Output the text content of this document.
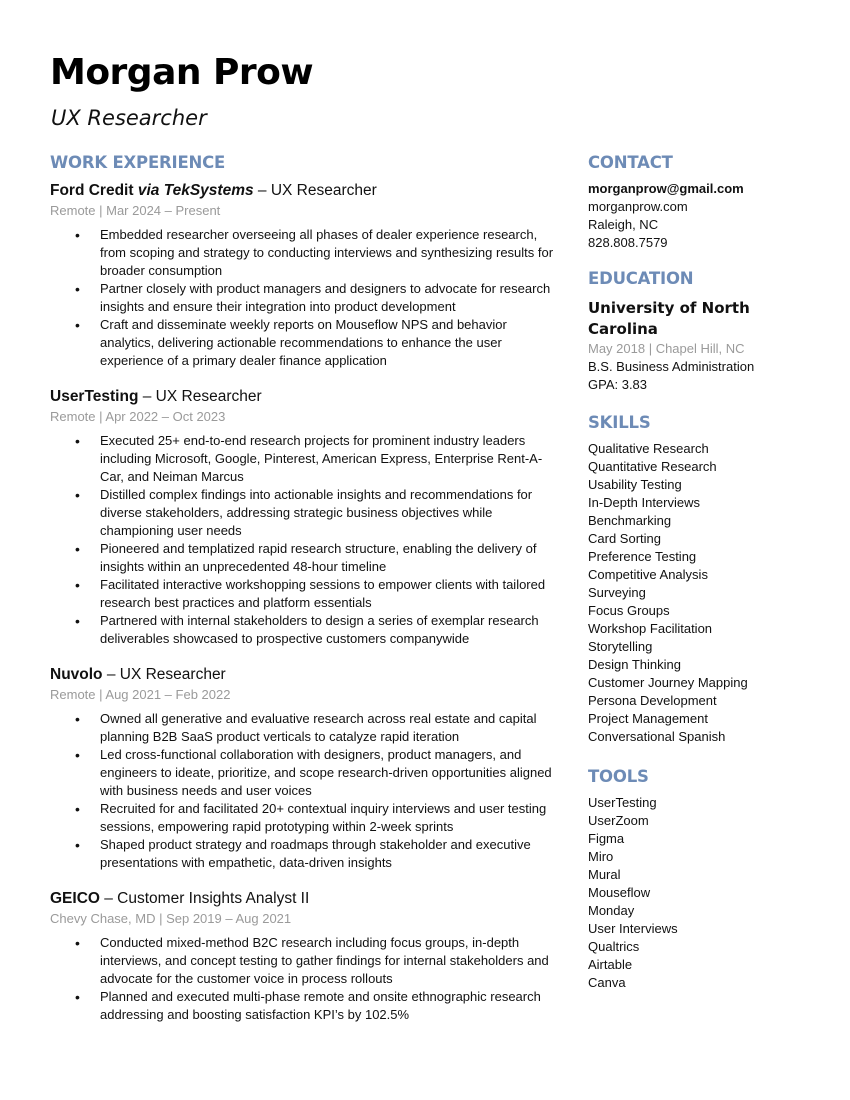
Morgan Prow
UX Researcher
WORK EXPERIENCE
Ford Credit via TekSystems – UX Researcher
Remote | Mar 2024 – Present
• Embedded researcher overseeing all phases of dealer experience research, from scoping and strategy to conducting interviews and synthesizing results for broader consumption
• Partner closely with product managers and designers to advocate for research insights and ensure their integration into product development
• Craft and disseminate weekly reports on Mouseflow NPS and behavior analytics, delivering actionable recommendations to enhance the user experience of a primary dealer finance application
UserTesting – UX Researcher
Remote | Apr 2022 – Oct 2023
• Executed 25+ end-to-end research projects for prominent industry leaders including Microsoft, Google, Pinterest, American Express, Enterprise Rent-A-Car, and Neiman Marcus
• Distilled complex findings into actionable insights and recommendations for diverse stakeholders, addressing strategic business objectives while championing user needs
• Pioneered and templatized rapid research structure, enabling the delivery of insights within an unprecedented 48-hour timeline
• Facilitated interactive workshopping sessions to empower clients with tailored research best practices and platform essentials
• Partnered with internal stakeholders to design a series of exemplar research deliverables showcased to prospective customers companywide
Nuvolo – UX Researcher
Remote | Aug 2021 – Feb 2022
• Owned all generative and evaluative research across real estate and capital planning B2B SaaS product verticals to catalyze rapid iteration
• Led cross-functional collaboration with designers, product managers, and engineers to ideate, prioritize, and scope research-driven opportunities aligned with business needs and user voices
• Recruited for and facilitated 20+ contextual inquiry interviews and user testing sessions, empowering rapid prototyping within 2-week sprints
• Shaped product strategy and roadmaps through stakeholder and executive presentations with empathetic, data-driven insights
GEICO – Customer Insights Analyst II
Chevy Chase, MD | Sep 2019 – Aug 2021
• Conducted mixed-method B2C research including focus groups, in-depth interviews, and concept testing to gather findings for internal stakeholders and advocate for the customer voice in process rollouts
• Planned and executed multi-phase remote and onsite ethnographic research addressing and boosting satisfaction KPI’s by 102.5%
CONTACT
morganprow@gmail.com
morganprow.com
Raleigh, NC
828.808.7579
EDUCATION
University of North Carolina
May 2018 | Chapel Hill, NC
B.S. Business Administration
GPA: 3.83
SKILLS
Qualitative Research
Quantitative Research
Usability Testing
In-Depth Interviews
Benchmarking
Card Sorting
Preference Testing
Competitive Analysis
Surveying
Focus Groups
Workshop Facilitation
Storytelling
Design Thinking
Customer Journey Mapping
Persona Development
Project Management
Conversational Spanish
TOOLS
UserTesting
UserZoom
Figma
Miro
Mural
Mouseflow
Monday
User Interviews
Qualtrics
Airtable
Canva
